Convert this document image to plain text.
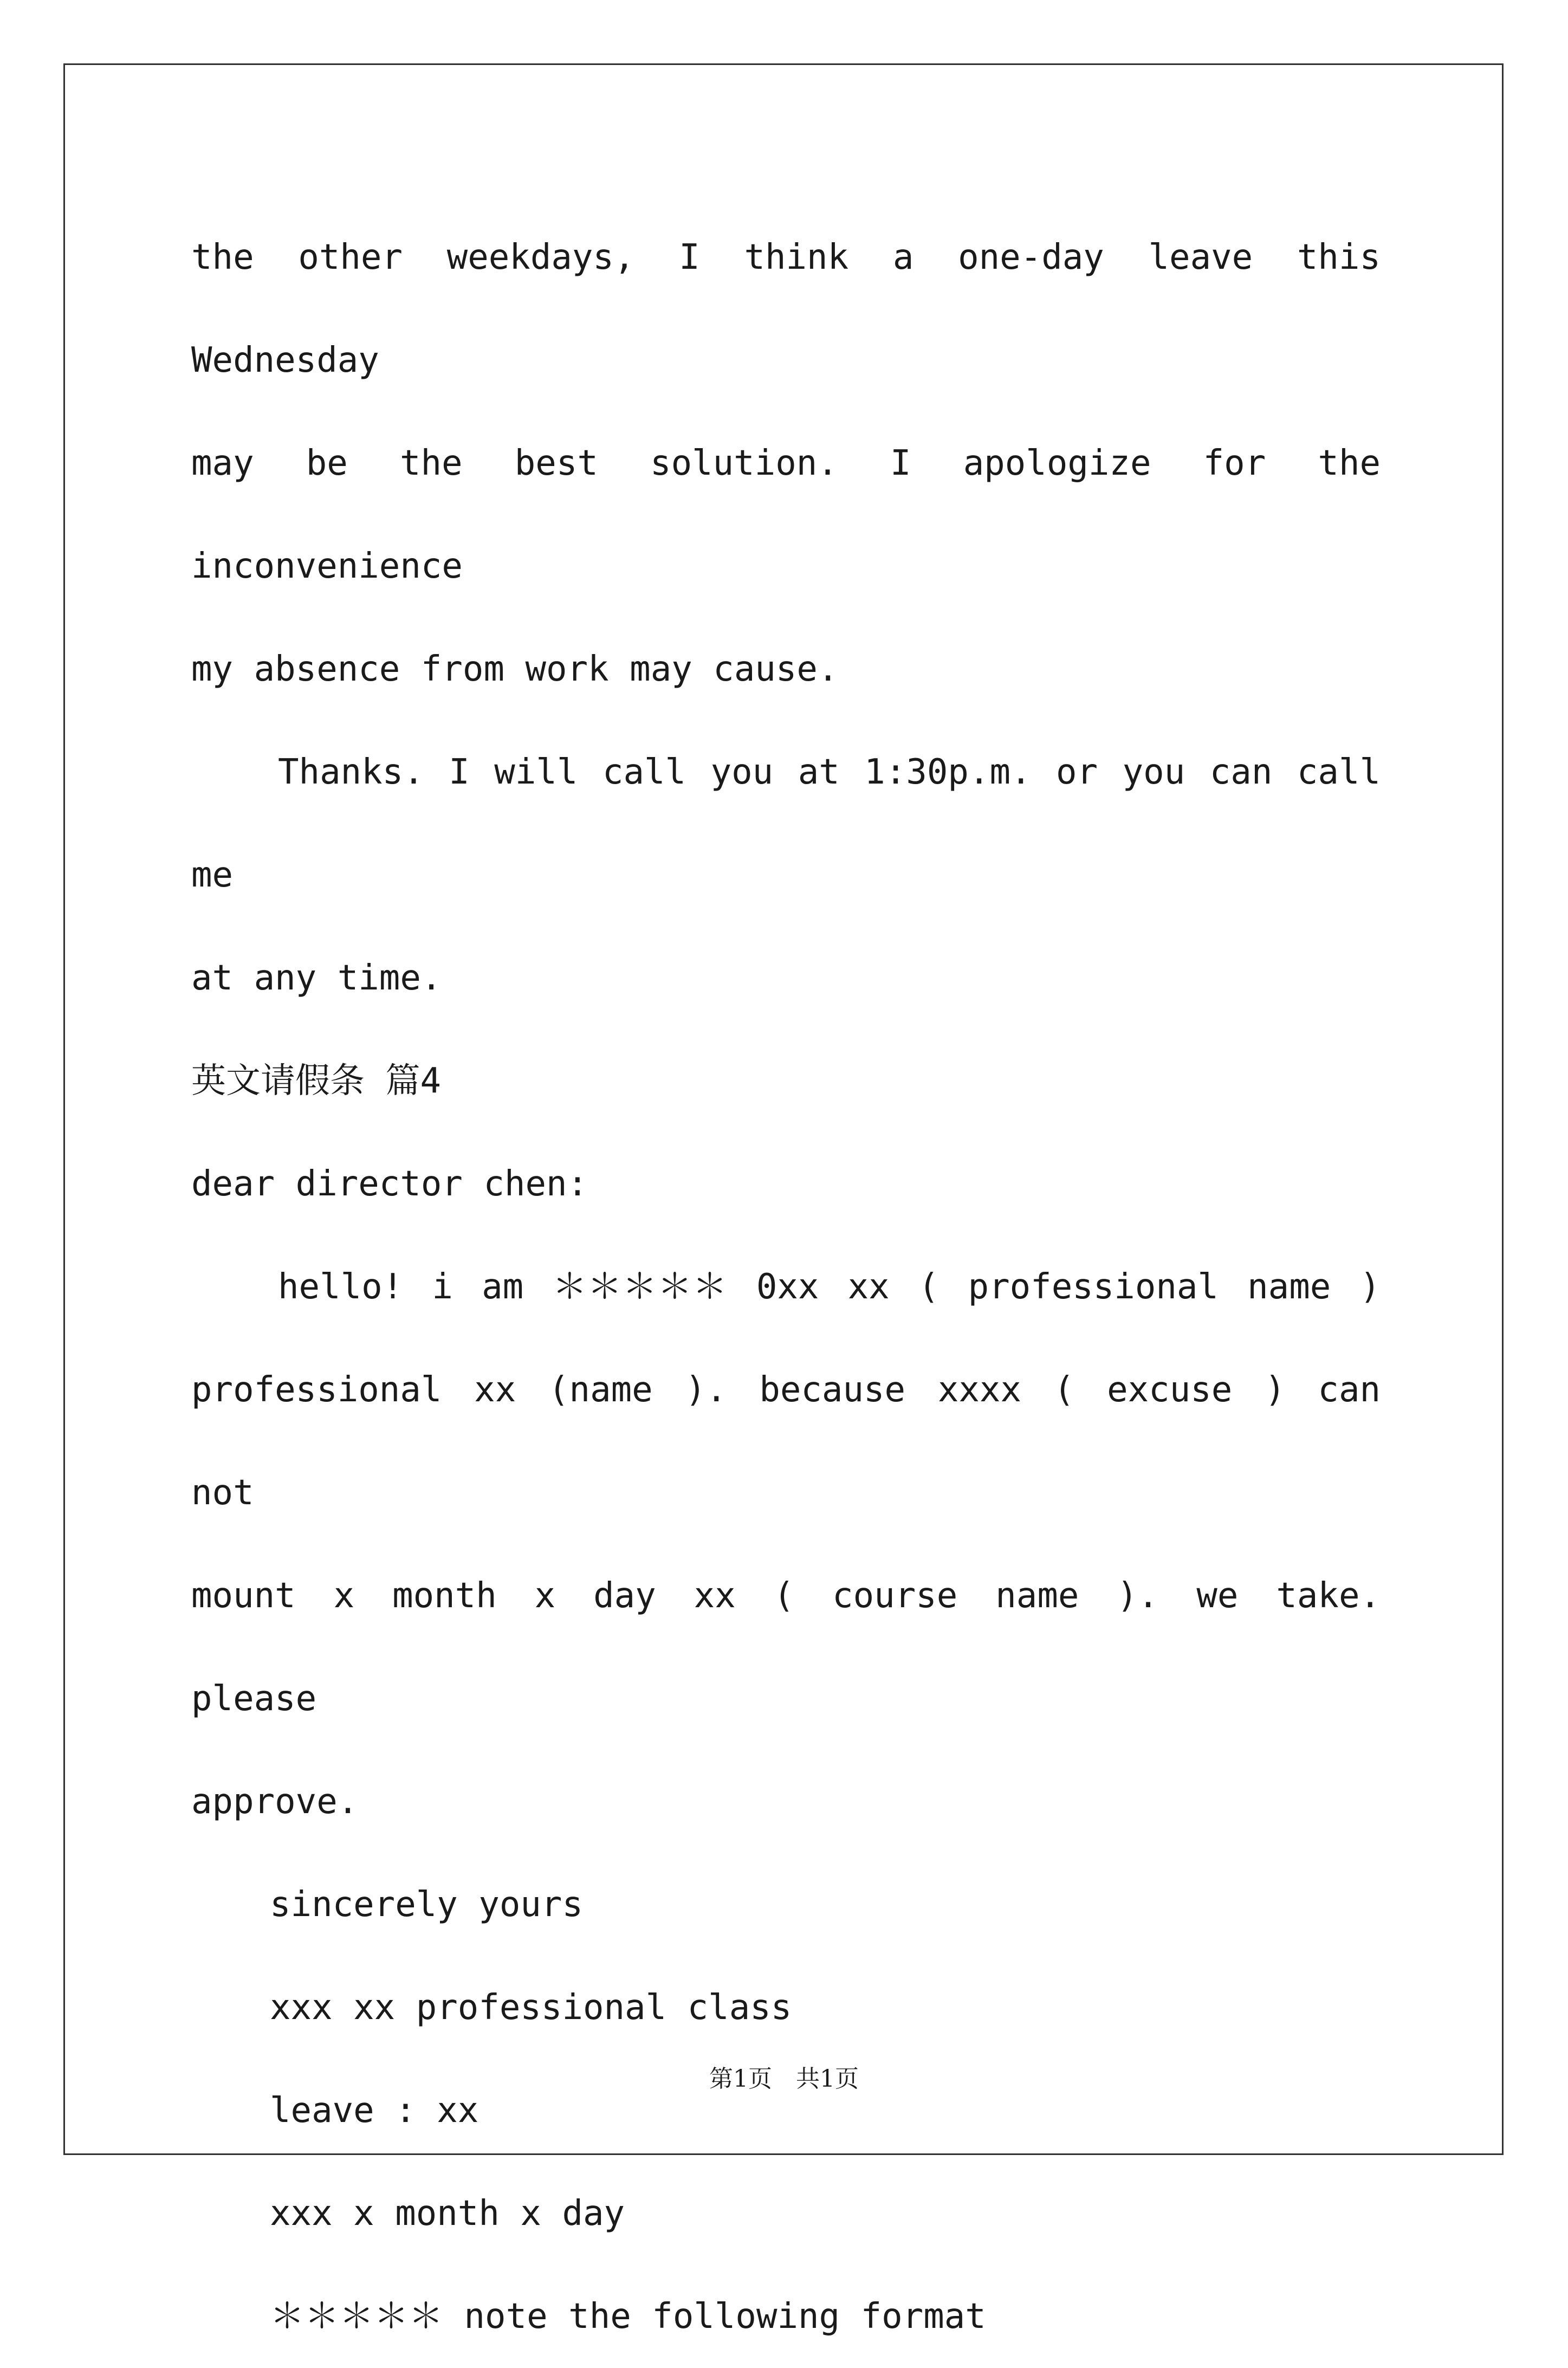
the other weekdays, I think a one-day leave this Wednesday

may be the best solution. I apologize for the inconvenience

my absence from work may cause.

Thanks. I will call you at 1:30p.m. or you can call me

at any time.

英文请假条 篇4

dear director chen:

hello! i am ＊＊＊＊＊ 0xx xx ( professional name )

professional xx (name ). because xxxx ( excuse ) can not

mount x month x day xx ( course name ). we take. please

approve.

sincerely yours

xxx xx professional class

leave : xx

xxx x month x day

＊＊＊＊＊ note the following format

第1页　共1页
